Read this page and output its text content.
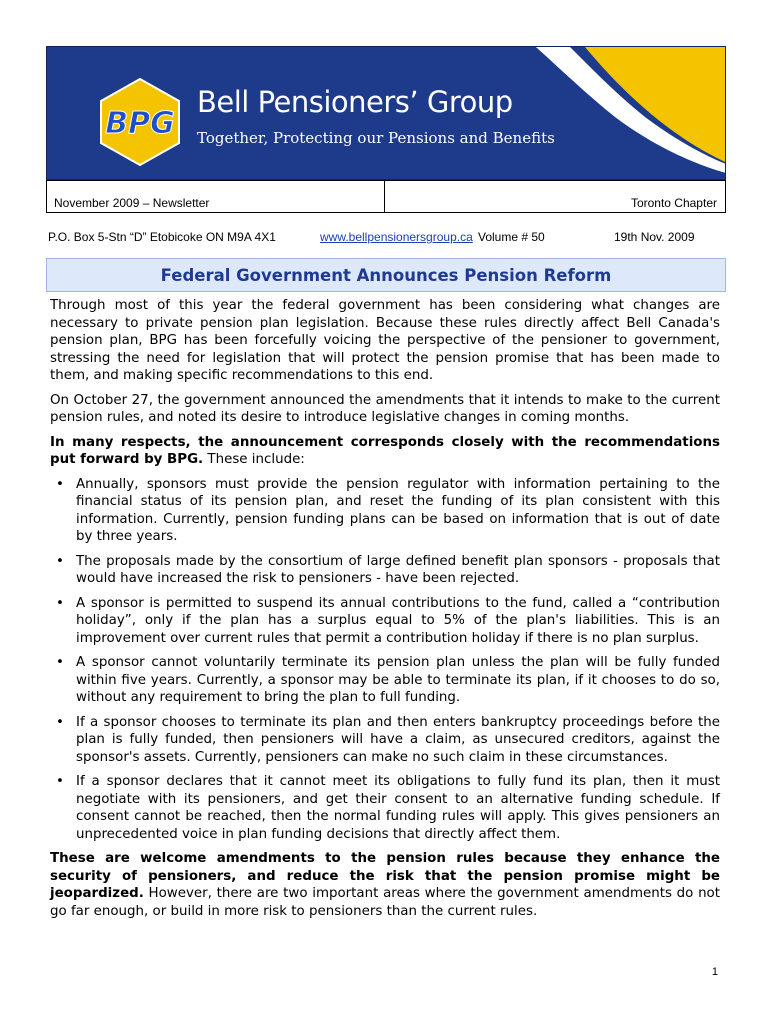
BPG
Bell Pensioners’ Group
Together, Protecting our Pensions and Benefits
November 2009 – Newsletter	Toronto Chapter
P.O. Box 5-Stn “D” Etobicoke ON M9A 4X1	www.bellpensionersgroup.ca Volume # 50	19th Nov. 2009
Federal Government Announces Pension Reform

Through most of this year the federal government has been considering what changes are necessary to private pension plan legislation. Because these rules directly affect Bell Canada's pension plan, BPG has been forcefully voicing the perspective of the pensioner to government, stressing the need for legislation that will protect the pension promise that has been made to them, and making specific recommendations to this end.

On October 27, the government announced the amendments that it intends to make to the current pension rules, and noted its desire to introduce legislative changes in coming months.

In many respects, the announcement corresponds closely with the recommendations put forward by BPG. These include:

• Annually, sponsors must provide the pension regulator with information pertaining to the financial status of its pension plan, and reset the funding of its plan consistent with this information. Currently, pension funding plans can be based on information that is out of date by three years.
• The proposals made by the consortium of large defined benefit plan sponsors - proposals that would have increased the risk to pensioners - have been rejected.
• A sponsor is permitted to suspend its annual contributions to the fund, called a “contribution holiday”, only if the plan has a surplus equal to 5% of the plan's liabilities. This is an improvement over current rules that permit a contribution holiday if there is no plan surplus.
• A sponsor cannot voluntarily terminate its pension plan unless the plan will be fully funded within five years. Currently, a sponsor may be able to terminate its plan, if it chooses to do so, without any requirement to bring the plan to full funding.
• If a sponsor chooses to terminate its plan and then enters bankruptcy proceedings before the plan is fully funded, then pensioners will have a claim, as unsecured creditors, against the sponsor's assets. Currently, pensioners can make no such claim in these circumstances.
• If a sponsor declares that it cannot meet its obligations to fully fund its plan, then it must negotiate with its pensioners, and get their consent to an alternative funding schedule. If consent cannot be reached, then the normal funding rules will apply. This gives pensioners an unprecedented voice in plan funding decisions that directly affect them.

These are welcome amendments to the pension rules because they enhance the security of pensioners, and reduce the risk that the pension promise might be jeopardized. However, there are two important areas where the government amendments do not go far enough, or build in more risk to pensioners than the current rules.

1
